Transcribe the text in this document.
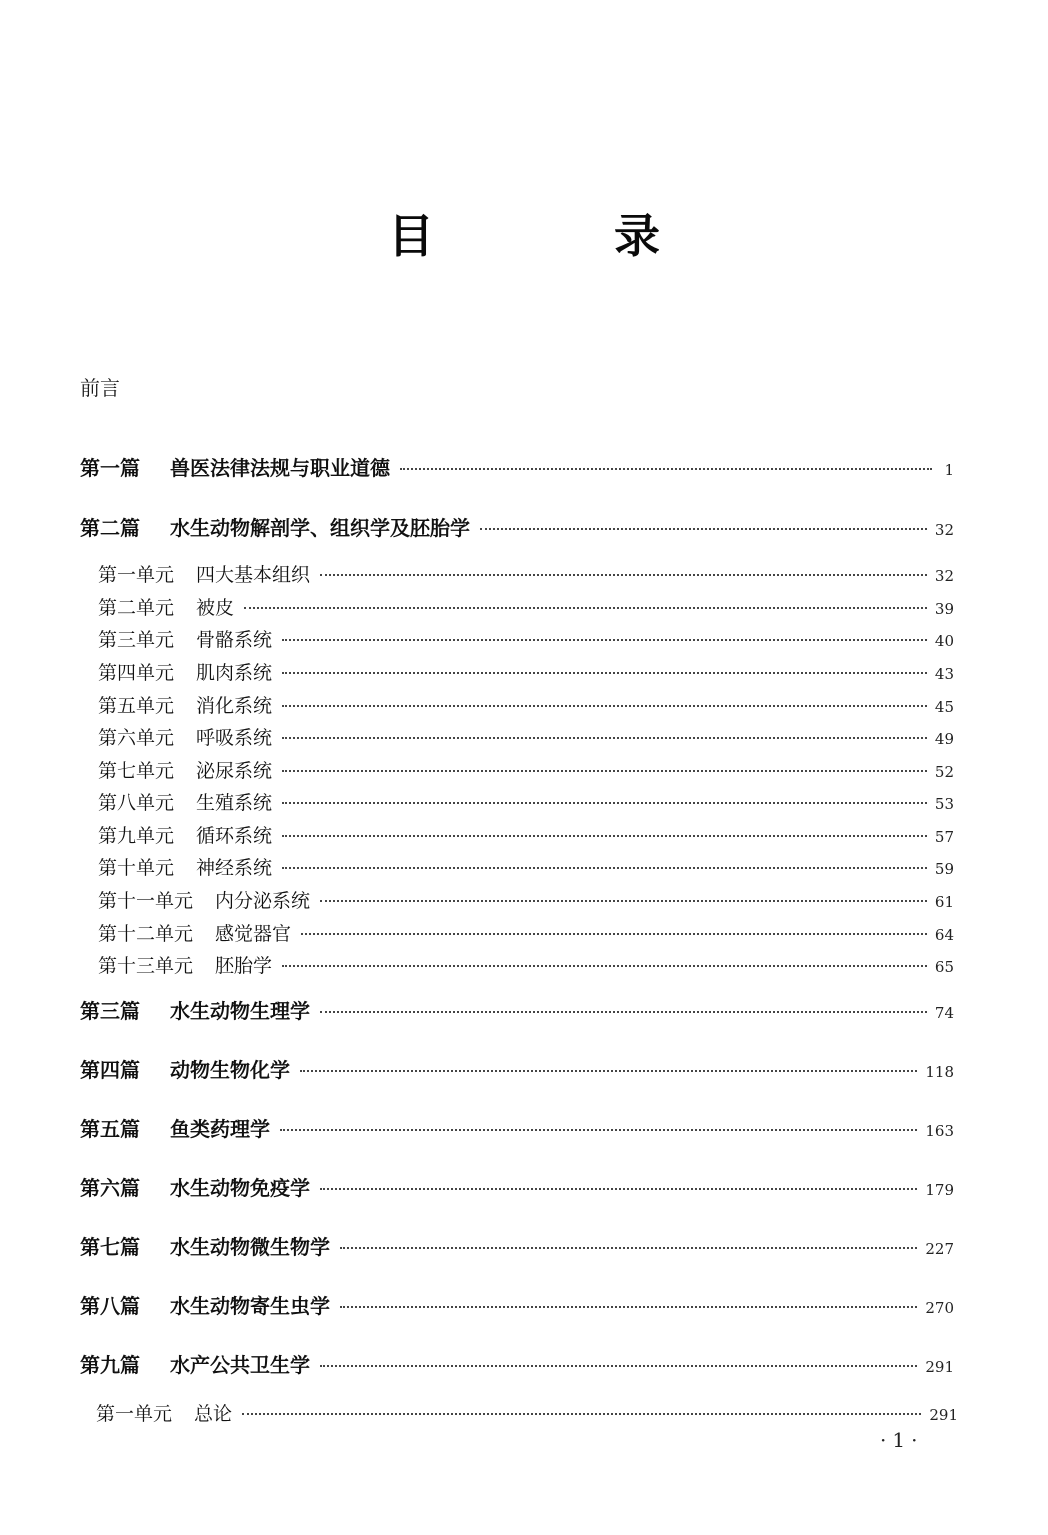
目 录
前言
第一篇	兽医法律法规与职业道德	1
第二篇	水生动物解剖学、组织学及胚胎学	32
第一单元 四大基本组织	32
第二单元 被皮	39
第三单元 骨骼系统	40
第四单元 肌肉系统	43
第五单元 消化系统	45
第六单元 呼吸系统	49
第七单元 泌尿系统	52
第八单元 生殖系统	53
第九单元 循环系统	57
第十单元 神经系统	59
第十一单元 内分泌系统	61
第十二单元 感觉器官	64
第十三单元 胚胎学	65
第三篇	水生动物生理学	74
第四篇	动物生物化学	118
第五篇	鱼类药理学	163
第六篇	水生动物免疫学	179
第七篇	水生动物微生物学	227
第八篇	水生动物寄生虫学	270
第九篇	水产公共卫生学	291
第一单元 总论	291
·1·
